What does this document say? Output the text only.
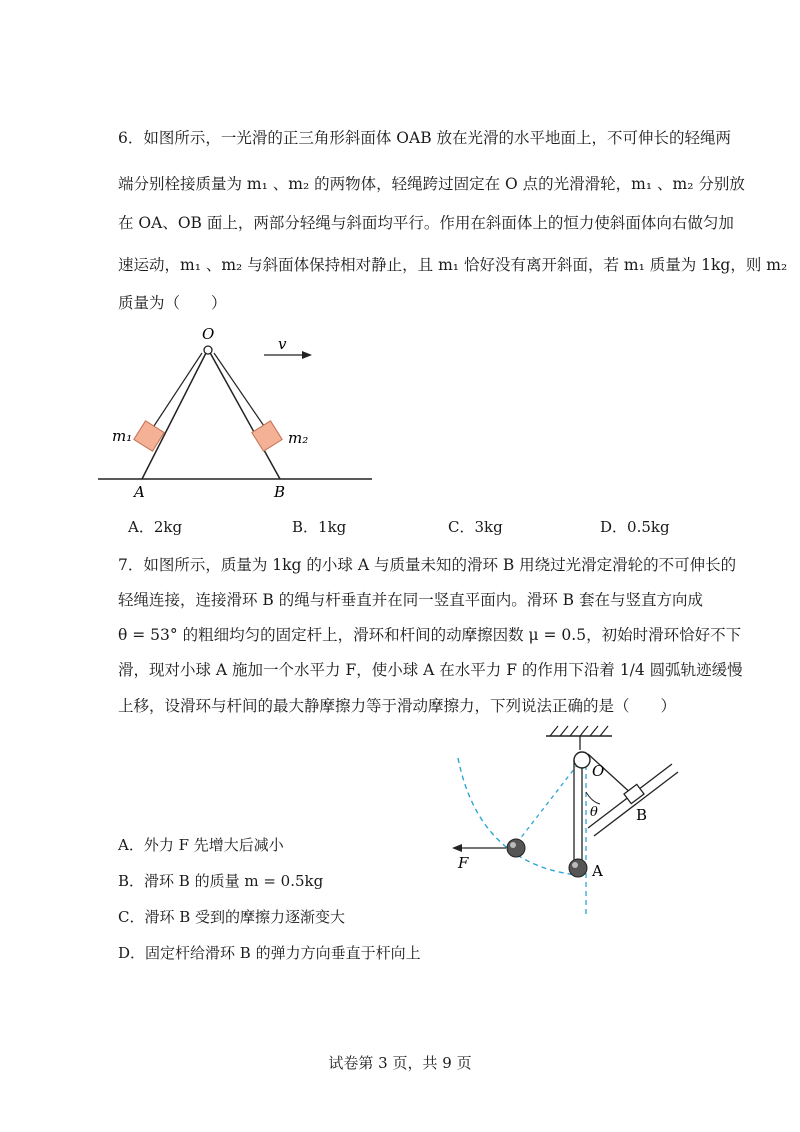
6．如图所示，一光滑的正三角形斜面体 OAB 放在光滑的水平地面上，不可伸长的轻绳两
端分别栓接质量为 m₁ 、m₂ 的两物体，轻绳跨过固定在 O 点的光滑滑轮，m₁ 、m₂ 分别放
在 OA、OB 面上，两部分轻绳与斜面均平行。作用在斜面体上的恒力使斜面体向右做匀加
速运动，m₁ 、m₂ 与斜面体保持相对静止，且 m₁ 恰好没有离开斜面，若 m₁ 质量为 1kg，则 m₂
质量为（　　）
O
v
m₁	m₂
A	B
A．2kg	B．1kg	C．3kg	D．0.5kg
7．如图所示，质量为 1kg 的小球 A 与质量未知的滑环 B 用绕过光滑定滑轮的不可伸长的
轻绳连接，连接滑环 B 的绳与杆垂直并在同一竖直平面内。滑环 B 套在与竖直方向成
θ = 53° 的粗细均匀的固定杆上，滑环和杆间的动摩擦因数 μ = 0.5，初始时滑环恰好不下
滑，现对小球 A 施加一个水平力 F，使小球 A 在水平力 F 的作用下沿着 1/4 圆弧轨迹缓慢
上移，设滑环与杆间的最大静摩擦力等于滑动摩擦力，下列说法正确的是（　　）
O
θ	B
A
F
A．外力 F 先增大后减小
B．滑环 B 的质量 m = 0.5kg
C．滑环 B 受到的摩擦力逐渐变大
D．固定杆给滑环 B 的弹力方向垂直于杆向上
试卷第 3 页，共 9 页
